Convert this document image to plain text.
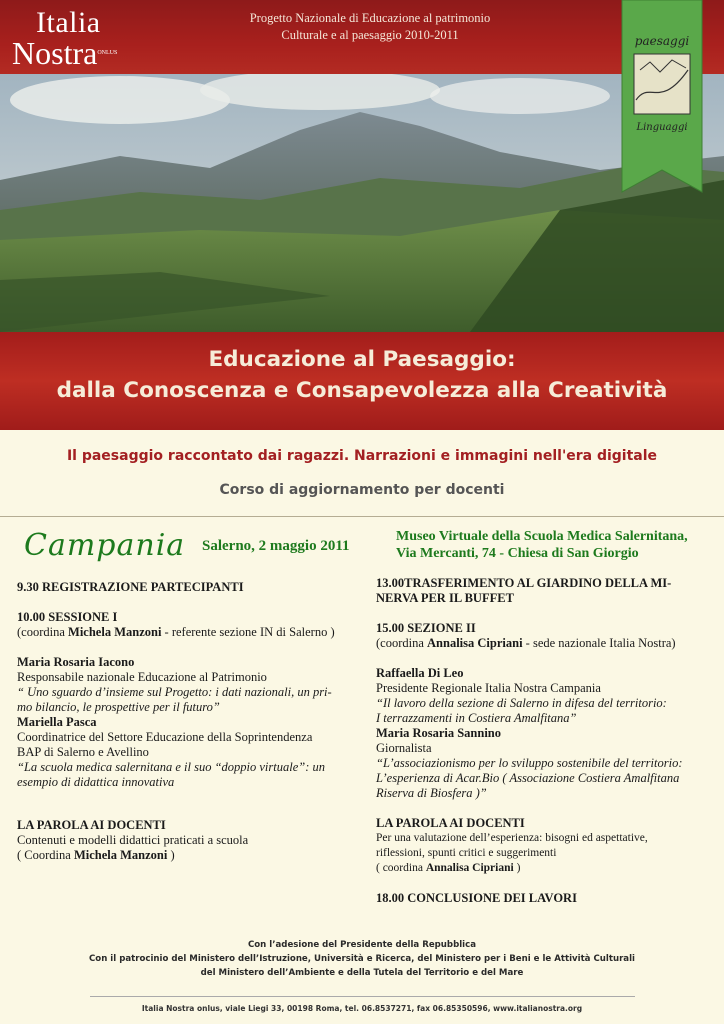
Italia
NostraONLUS
Progetto Nazionale di Educazione al patrimonio
Culturale e al paesaggio 2010-2011	paesaggi
Linguaggi
Educazione al Paesaggio:
dalla Conoscenza e Consapevolezza alla Creatività
Il paesaggio raccontato dai ragazzi. Narrazioni e immagini nell'era digitale
Corso di aggiornamento per docenti
Campania Salerno, 2 maggio 2011
Museo Virtuale della Scuola Medica Salernitana,
Via Mercanti, 74 - Chiesa di San Giorgio

9.30 REGISTRAZIONE PARTECIPANTI

10.00 SESSIONE I

(coordina Michela Manzoni - referente sezione IN di Salerno )

Maria Rosaria Iacono

Responsabile nazionale Educazione al Patrimonio

“ Uno sguardo d’insieme sul Progetto: i dati nazionali, un pri-

mo bilancio, le prospettive per il futuro”

Mariella Pasca

Coordinatrice del Settore Educazione della Soprintendenza

BAP di Salerno e Avellino

“La scuola medica salernitana e il suo “doppio virtuale”: un

esempio di didattica innovativa

LA PAROLA AI DOCENTI

Contenuti e modelli didattici praticati a scuola

( Coordina Michela Manzoni )

13.00TRASFERIMENTO AL GIARDINO DELLA MI-

NERVA PER IL BUFFET

15.00 SEZIONE II

(coordina Annalisa Cipriani - sede nazionale Italia Nostra)

Raffaella Di Leo

Presidente Regionale Italia Nostra Campania

“Il lavoro della sezione di Salerno in difesa del territorio:

I terrazzamenti in Costiera Amalfitana”

Maria Rosaria Sannino

Giornalista

“L’associazionismo per lo sviluppo sostenibile del territorio:

L’esperienza di Acar.Bio ( Associazione Costiera Amalfitana

Riserva di Biosfera )”

LA PAROLA AI DOCENTI

Per una valutazione dell’esperienza: bisogni ed aspettative,

riflessioni, spunti critici e suggerimenti

( coordina Annalisa Cipriani )

18.00 CONCLUSIONE DEI LAVORI

Con l’adesione del Presidente della Repubblica
Con il patrocinio del Ministero dell’Istruzione, Università e Ricerca, del Ministero per i Beni e le Attività Culturali
del Ministero dell’Ambiente e della Tutela del Territorio e del Mare
Italia Nostra onlus, viale Liegi 33, 00198 Roma, tel. 06.8537271, fax 06.85350596, www.italianostra.org
